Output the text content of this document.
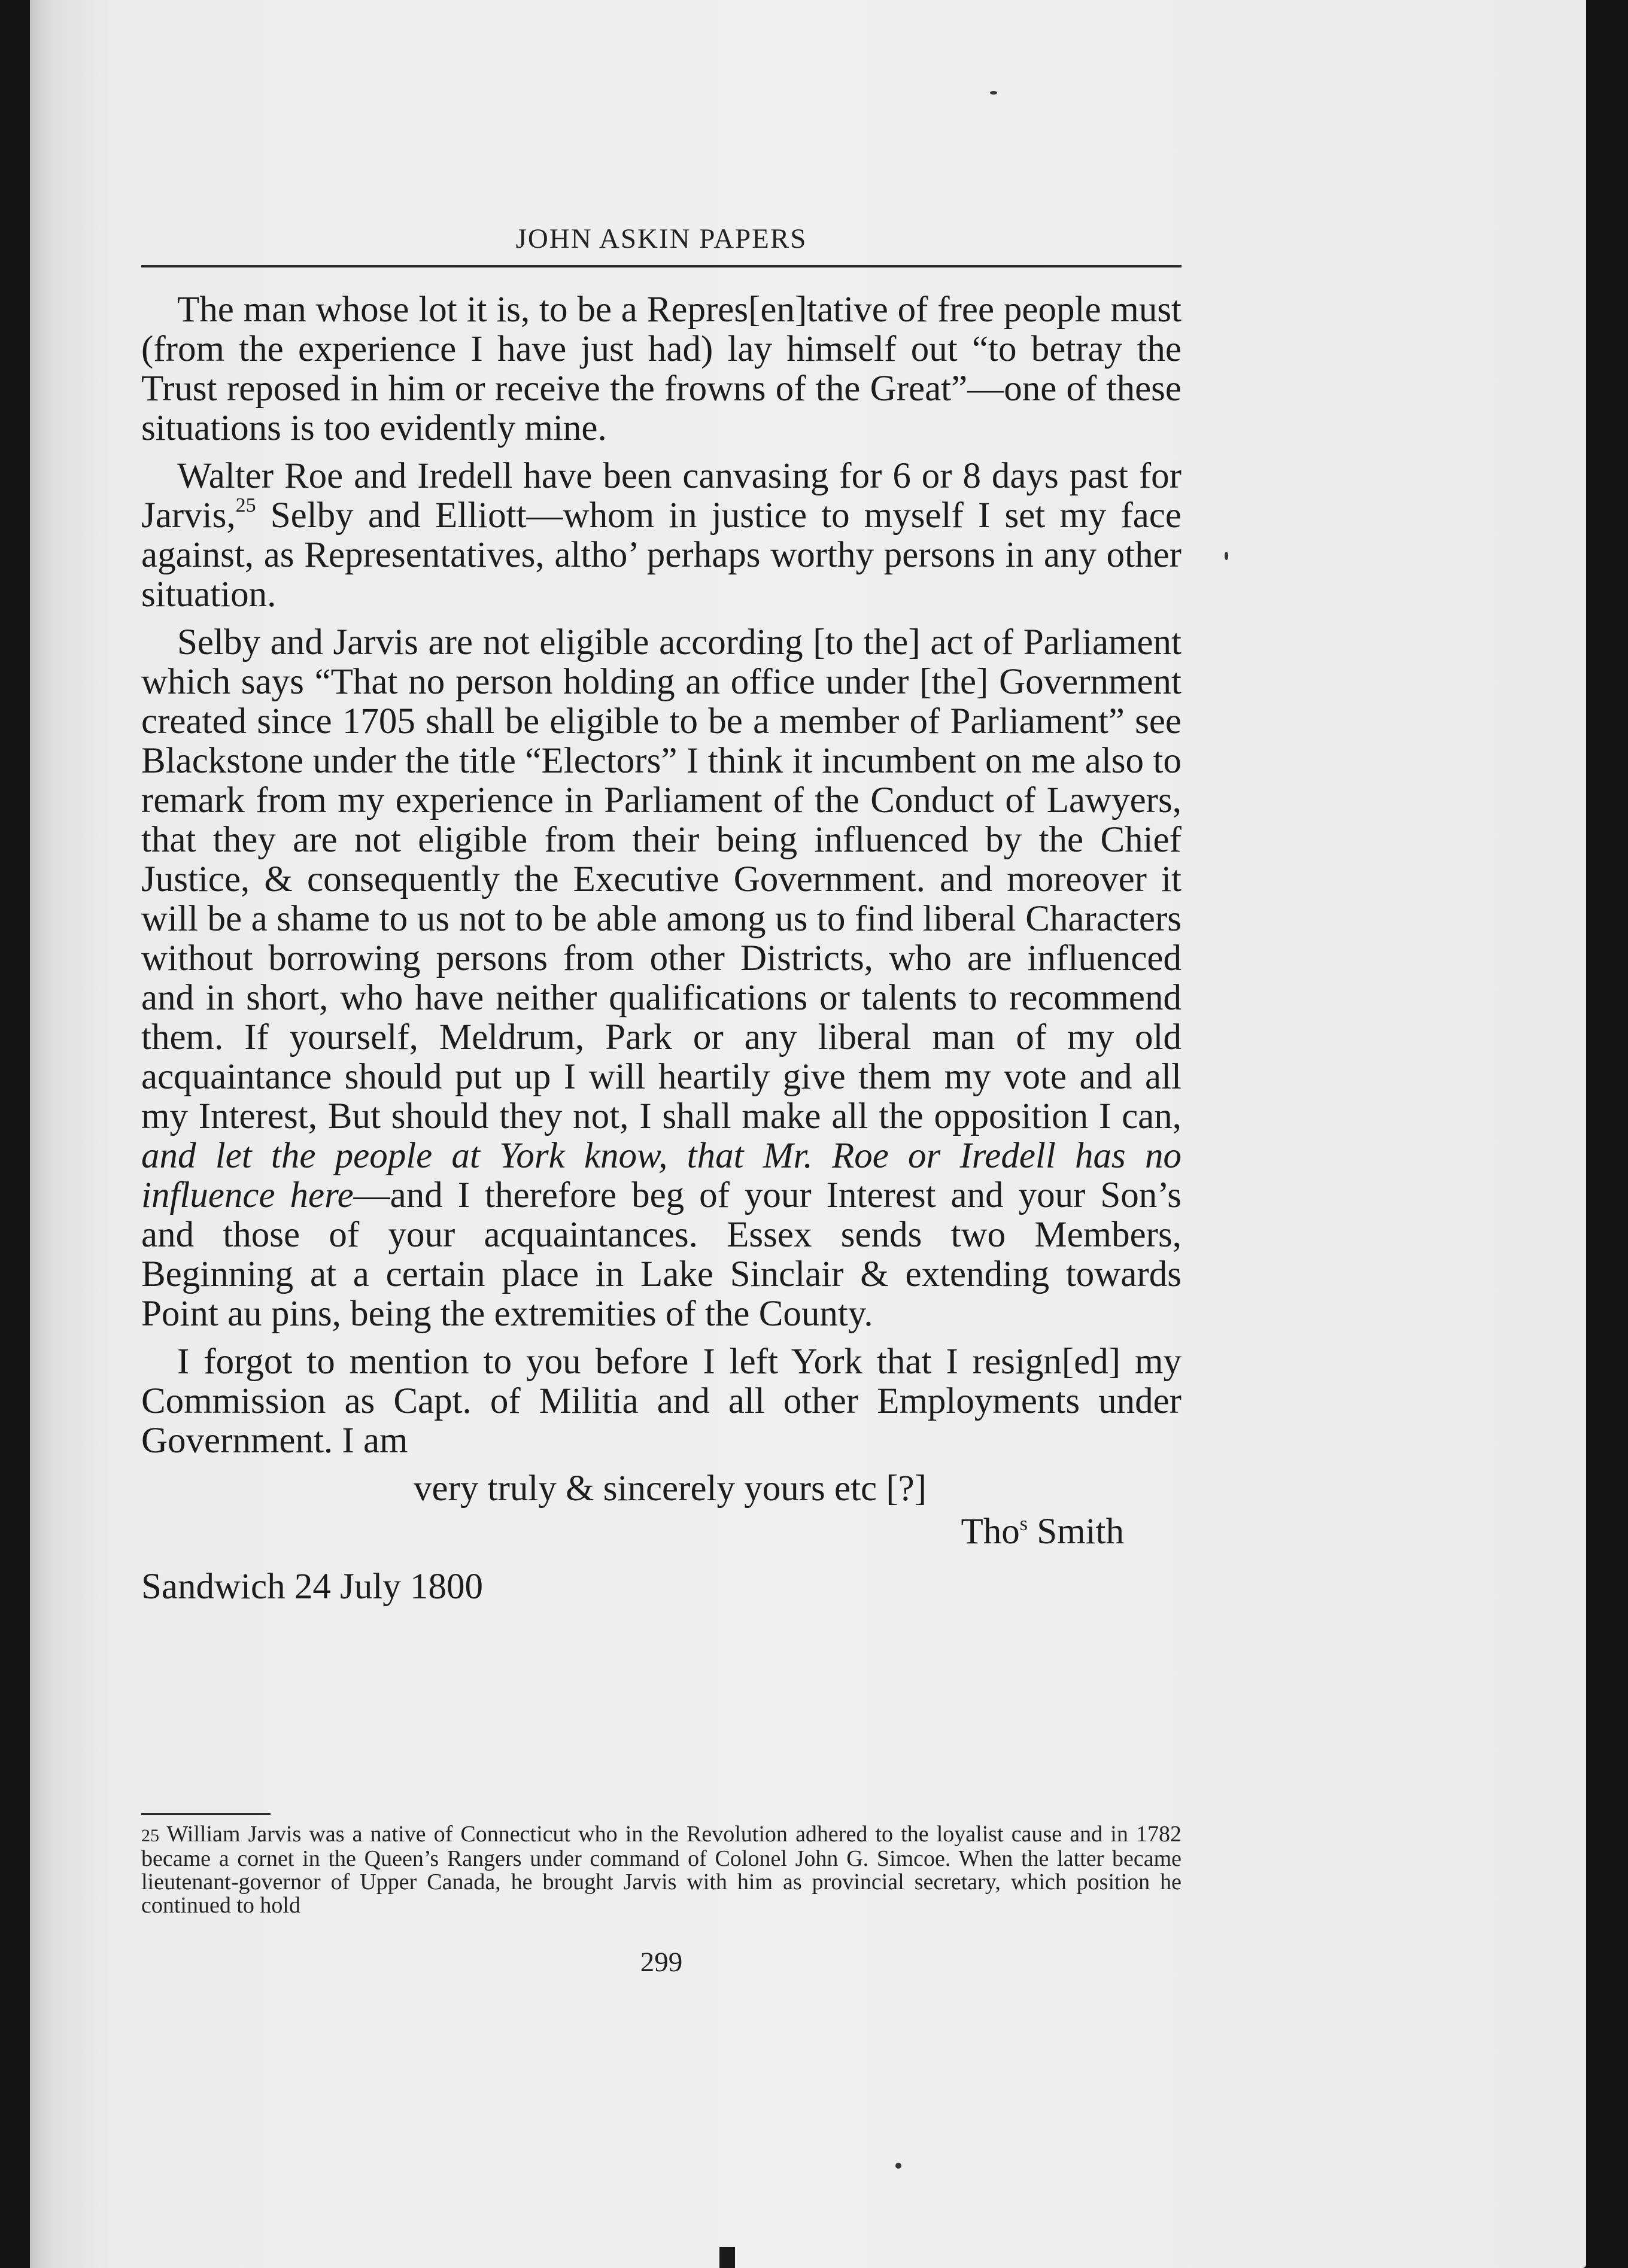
JOHN ASKIN PAPERS

The man whose lot it is, to be a Repres[en]tative of free people must (from the experience I have just had) lay himself out “to betray the Trust reposed in him or receive the frowns of the Great”—one of these situations is too evidently mine.

Walter Roe and Iredell have been canvasing for 6 or 8 days past for Jarvis,$^{25}$ Selby and Elliott—whom in justice to myself I set my face against, as Representatives, altho’ perhaps worthy persons in any other situation.

Selby and Jarvis are not eligible according [to the] act of Parliament which says “That no person holding an office under [the] Government created since 1705 shall be eligible to be a member of Parliament” see Blackstone under the title “Electors” I think it incumbent on me also to remark from my experience in Parliament of the Conduct of Lawyers, that they are not eligible from their being influenced by the Chief Justice, & consequently the Executive Government. and moreover it will be a shame to us not to be able among us to find liberal Characters without borrowing persons from other Districts, who are influenced and in short, who have neither qualifications or talents to recommend them. If yourself, Meldrum, Park or any liberal man of my old acquaintance should put up I will heartily give them my vote and all my Interest, But should they not, I shall make all the opposition I can, and let the people at York know, that Mr. Roe or Iredell has no influence here—and I therefore beg of your Interest and your Son’s and those of your acquaintances. Essex sends two Members, Beginning at a certain place in Lake Sinclair & extending towards Point au pins, being the extremities of the County.

I forgot to mention to you before I left York that I resign[ed] my Commission as Capt. of Militia and all other Employments under Government. I am

very truly & sincerely yours etc [?]
Tho$^s$ Smith
Sandwich 24 July 1800
25 William Jarvis was a native of Connecticut who in the Revolution adhered to the loyalist cause and in 1782 became a cornet in the Queen’s Rangers under command of Colonel John G. Simcoe. When the latter became lieutenant-governor of Upper Canada, he brought Jarvis with him as provincial secretary, which position he continued to hold
299
